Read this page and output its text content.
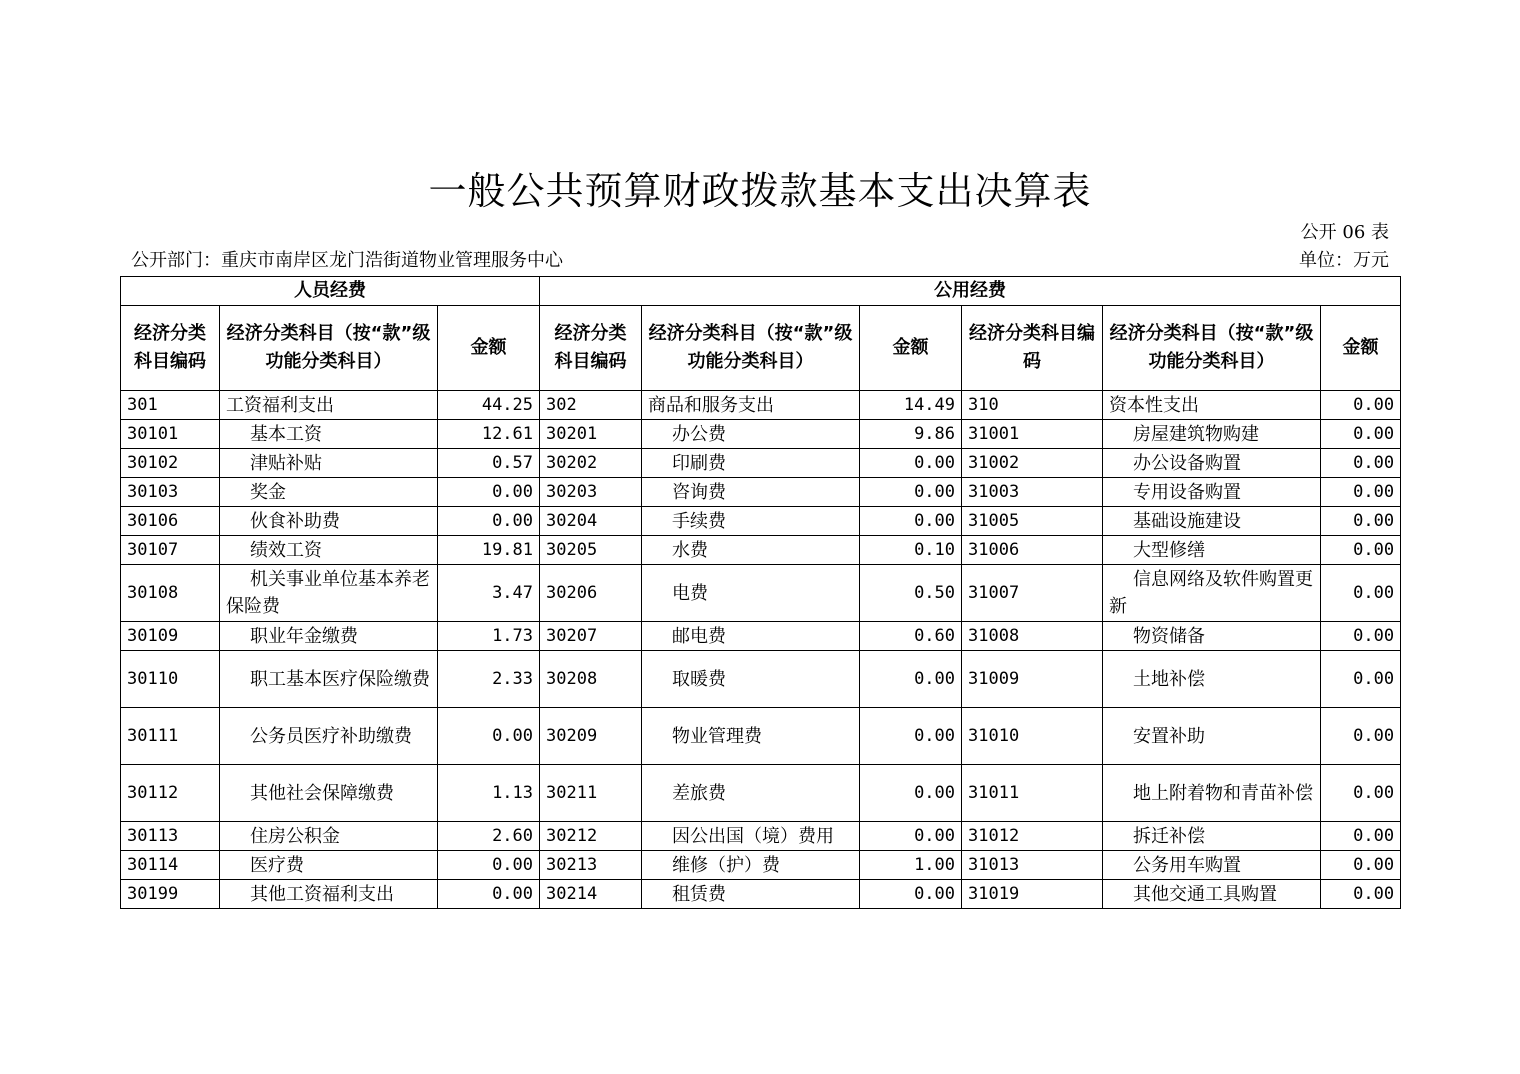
一般公共预算财政拨款基本支出决算表
公开 06 表
公开部门：重庆市南岸区龙门浩街道物业管理服务中心	单位：万元
人员经费			公用经费					
经济分类科目编码	经济分类科目（按“款”级功能分类科目）	金额	经济分类科目编码	经济分类科目（按“款”级功能分类科目）	金额	经济分类科目编码	经济分类科目（按“款”级功能分类科目）	金额
301	工资福利支出	44.25	302	商品和服务支出	14.49	310	资本性支出	0.00
30101	基本工资	12.61	30201	办公费	9.86	31001	房屋建筑物购建	0.00
30102	津贴补贴	0.57	30202	印刷费	0.00	31002	办公设备购置	0.00
30103	奖金	0.00	30203	咨询费	0.00	31003	专用设备购置	0.00
30106	伙食补助费	0.00	30204	手续费	0.00	31005	基础设施建设	0.00
30107	绩效工资	19.81	30205	水费	0.10	31006	大型修缮	0.00
30108	机关事业单位基本养老保险费	3.47	30206	电费	0.50	31007	信息网络及软件购置更新	0.00
30109	职业年金缴费	1.73	30207	邮电费	0.60	31008	物资储备	0.00
30110	职工基本医疗保险缴费	2.33	30208	取暖费	0.00	31009	土地补偿	0.00
30111	公务员医疗补助缴费	0.00	30209	物业管理费	0.00	31010	安置补助	0.00
30112	其他社会保障缴费	1.13	30211	差旅费	0.00	31011	地上附着物和青苗补偿	0.00
30113	住房公积金	2.60	30212	因公出国（境）费用	0.00	31012	拆迁补偿	0.00
30114	医疗费	0.00	30213	维修（护）费	1.00	31013	公务用车购置	0.00
30199	其他工资福利支出	0.00	30214	租赁费	0.00	31019	其他交通工具购置	0.00
